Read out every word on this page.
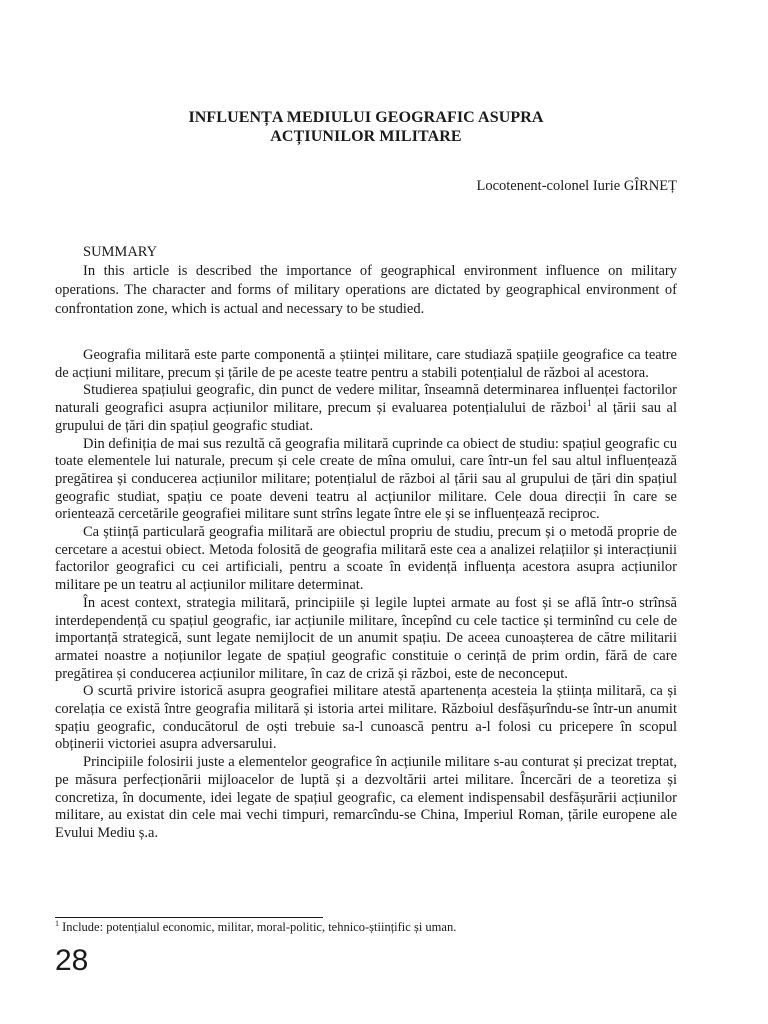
INFLUENȚA MEDIULUI GEOGRAFIC ASUPRA
ACȚIUNILOR MILITARE
Locotenent-colonel Iurie GÎRNEȚ
SUMMARY

In this article is described the importance of geographical environment influence on military operations. The character and forms of military operations are dictated by geographical environment of confrontation zone, which is actual and necessary to be studied.

Geografia militară este parte componentă a științei militare, care studiază spațiile geografice ca teatre de acțiuni militare, precum și țările de pe aceste teatre pentru a stabili potențialul de război al acestora.

Studierea spațiului geografic, din punct de vedere militar, înseamnă determinarea influenței factorilor naturali geografici asupra acțiunilor militare, precum și evaluarea potențialului de război$^1$ al țării sau al grupului de țări din spațiul geografic studiat.

Din definiția de mai sus rezultă că geografia militară cuprinde ca obiect de studiu: spațiul geografic cu toate elementele lui naturale, precum și cele create de mîna omului, care într-un fel sau altul influențează pregătirea și conducerea acțiunilor militare; potențialul de război al țării sau al grupului de țări din spațiul geografic studiat, spațiu ce poate deveni teatru al acțiunilor militare. Cele doua direcții în care se orientează cercetările geografiei militare sunt strîns legate între ele și se influențează reciproc.

Ca știință particulară geografia militară are obiectul propriu de studiu, precum și o metodă proprie de cercetare a acestui obiect. Metoda folosită de geografia militară este cea a analizei relațiilor și interacțiunii factorilor geografici cu cei artificiali, pentru a scoate în evidență influența acestora asupra acțiunilor militare pe un teatru al acțiunilor militare determinat.

În acest context, strategia militară, principiile și legile luptei armate au fost și se află într-o strînsă interdependență cu spațiul geografic, iar acțiunile militare, începînd cu cele tactice și terminînd cu cele de importanță strategică, sunt legate nemijlocit de un anumit spațiu. De aceea cunoașterea de către militarii armatei noastre a noțiunilor legate de spațiul geografic constituie o cerință de prim ordin, fără de care pregătirea și conducerea acțiunilor militare, în caz de criză și război, este de neconceput.

O scurtă privire istorică asupra geografiei militare atestă apartenența acesteia la știința militară, ca și corelația ce există între geografia militară și istoria artei militare. Războiul desfășurîndu-se într-un anumit spațiu geografic, conducătorul de oști trebuie sa-l cunoască pentru a-l folosi cu pricepere în scopul obținerii victoriei asupra adversarului.

Principiile folosirii juste a elementelor geografice în acțiunile militare s-au conturat și precizat treptat, pe măsura perfecționării mijloacelor de luptă și a dezvoltării artei militare. Încercări de a teoretiza și concretiza, în documente, idei legate de spațiul geografic, ca element indispensabil desfășurării acțiunilor militare, au existat din cele mai vechi timpuri, remarcîndu-se China, Imperiul Roman, țările europene ale Evului Mediu ș.a.

$^1$ Include: potențialul economic, militar, moral-politic, tehnico-științific și uman.
28
